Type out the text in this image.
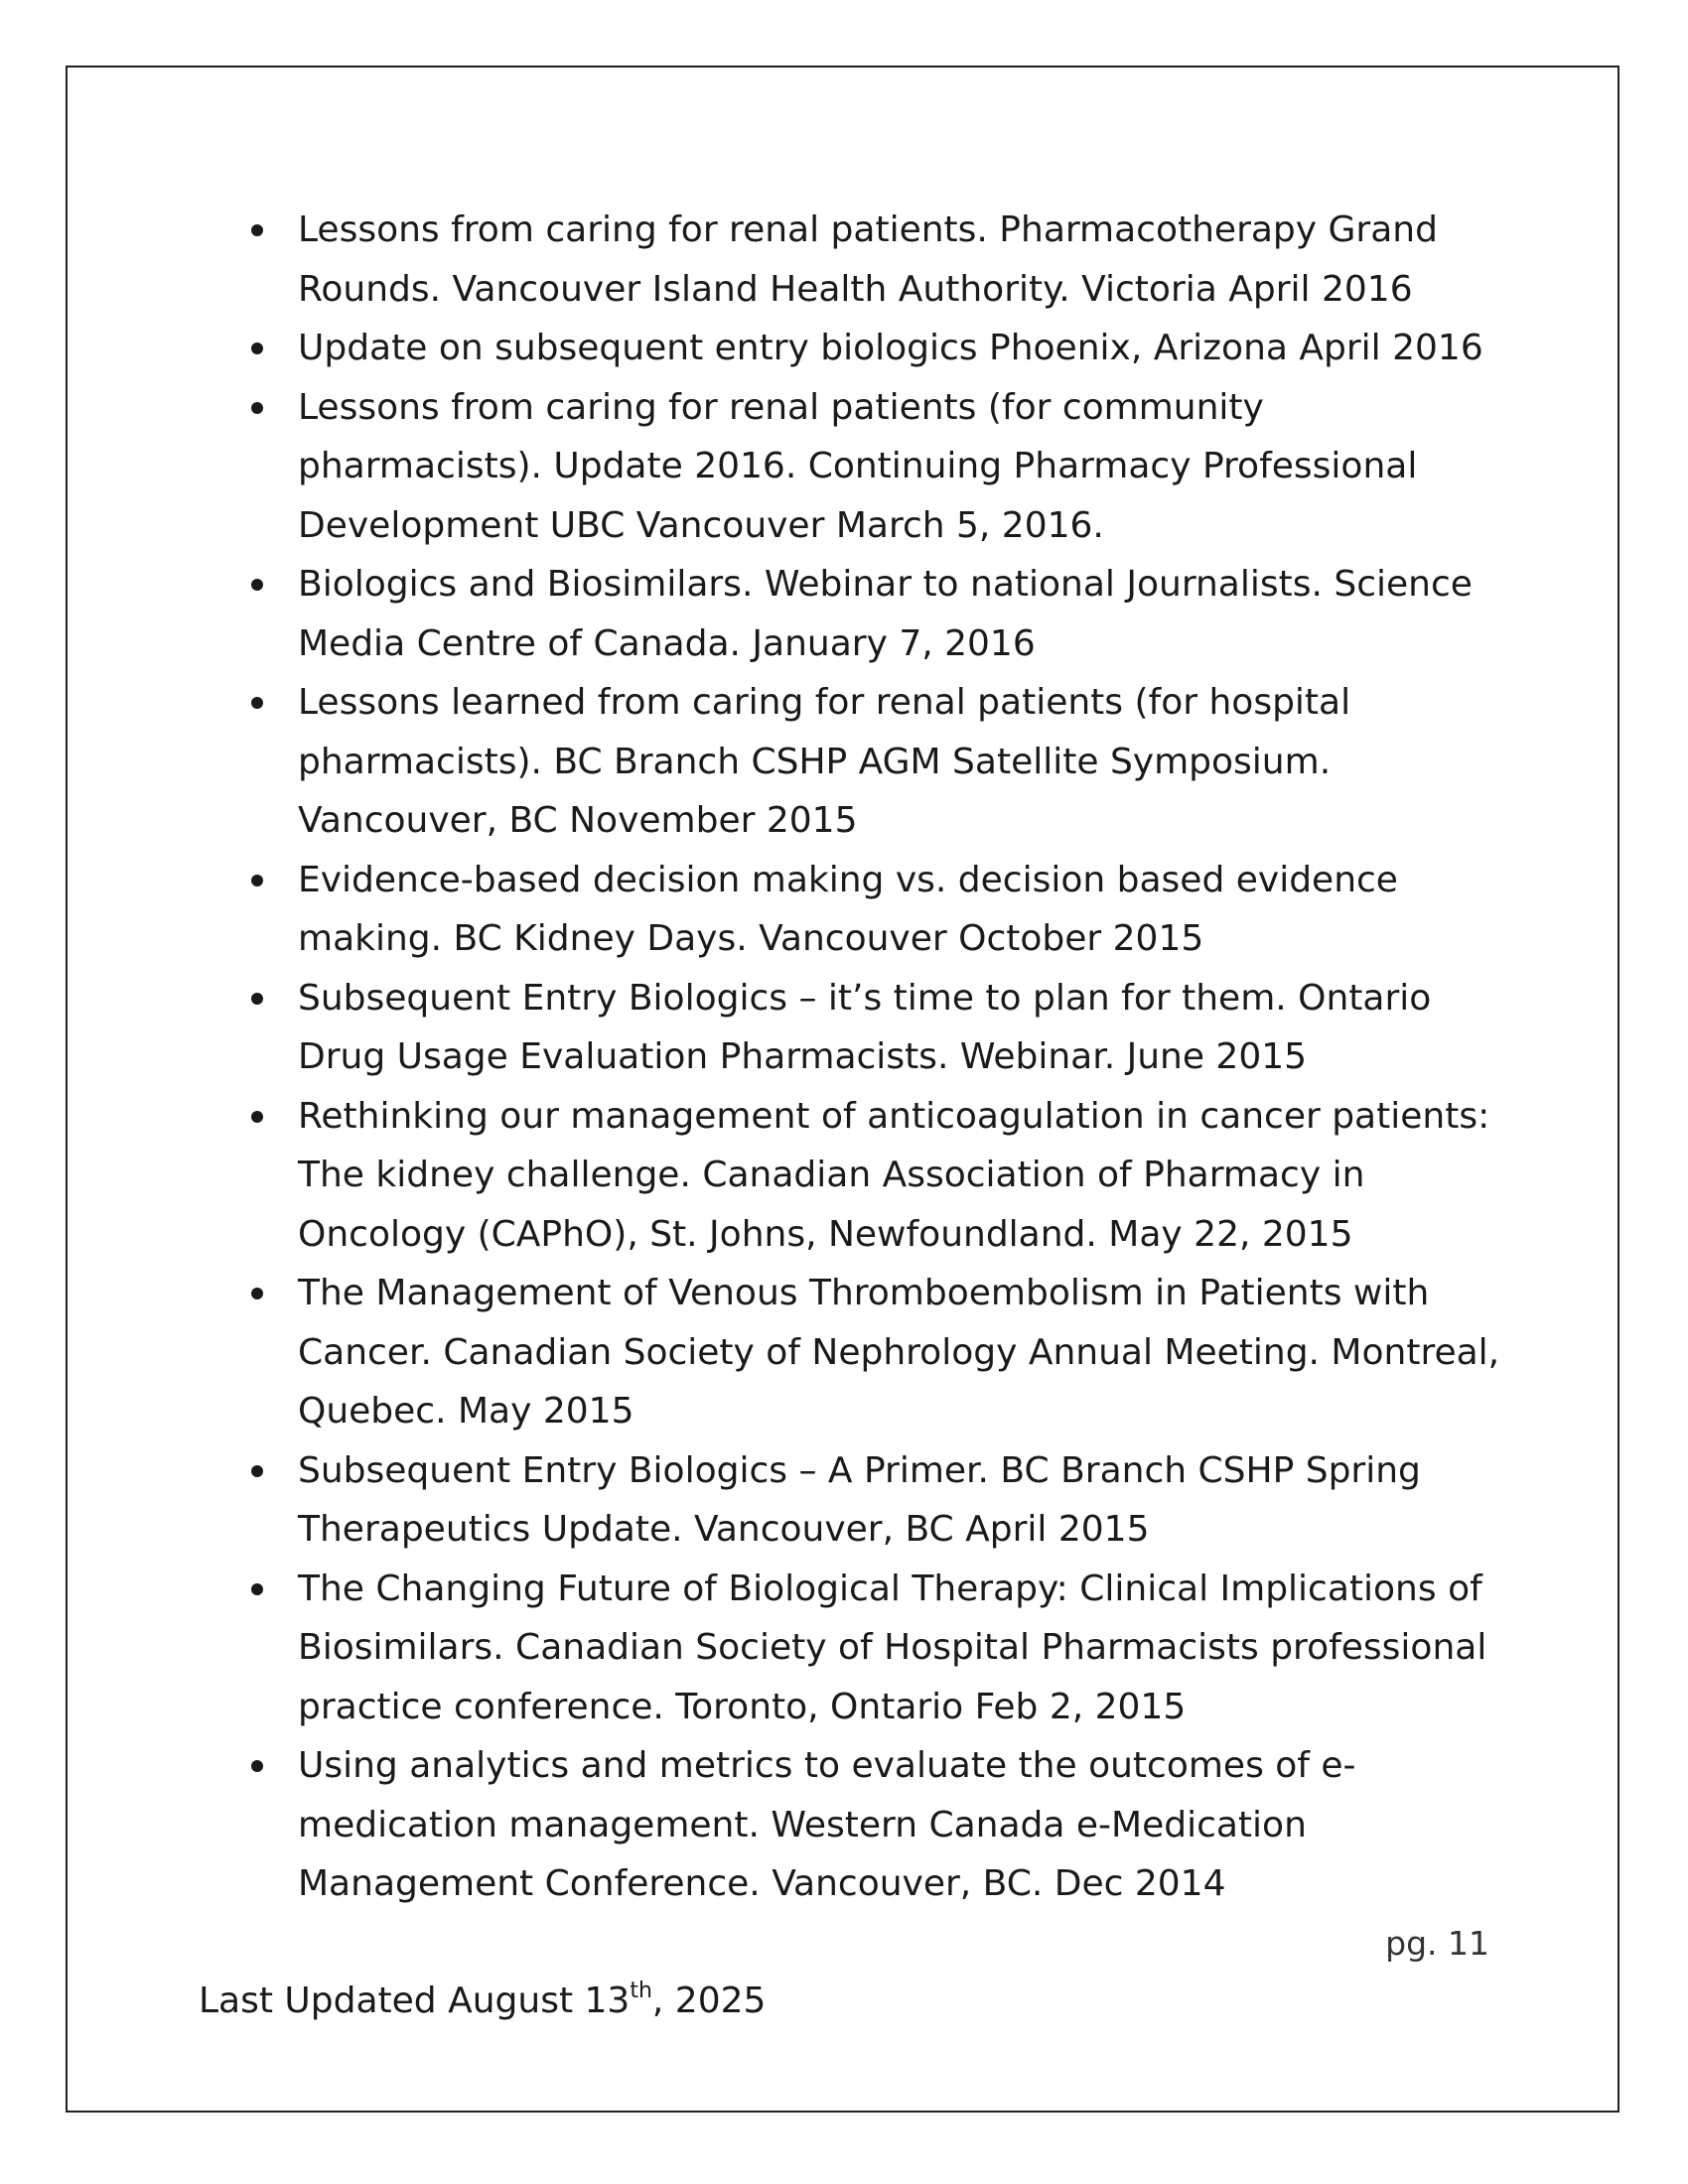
Lessons from caring for renal patients. Pharmacotherapy Grand Rounds. Vancouver Island Health Authority. Victoria April 2016
Update on subsequent entry biologics Phoenix, Arizona April 2016
Lessons from caring for renal patients (for community pharmacists). Update 2016. Continuing Pharmacy Professional Development UBC Vancouver March 5, 2016.
Biologics and Biosimilars. Webinar to national Journalists. Science Media Centre of Canada. January 7, 2016
Lessons learned from caring for renal patients (for hospital pharmacists). BC Branch CSHP AGM Satellite Symposium. Vancouver, BC November 2015
Evidence-based decision making vs. decision based evidence making. BC Kidney Days. Vancouver October 2015
Subsequent Entry Biologics – it’s time to plan for them. Ontario Drug Usage Evaluation Pharmacists. Webinar. June 2015
Rethinking our management of anticoagulation in cancer patients: The kidney challenge. Canadian Association of Pharmacy in Oncology (CAPhO), St. Johns, Newfoundland. May 22, 2015
The Management of Venous Thromboembolism in Patients with Cancer. Canadian Society of Nephrology Annual Meeting. Montreal, Quebec. May 2015
Subsequent Entry Biologics – A Primer. BC Branch CSHP Spring Therapeutics Update. Vancouver, BC April 2015
The Changing Future of Biological Therapy: Clinical Implications of Biosimilars. Canadian Society of Hospital Pharmacists professional practice conference. Toronto, Ontario Feb 2, 2015
Using analytics and metrics to evaluate the outcomes of e-medication management. Western Canada e-Medication Management Conference. Vancouver, BC. Dec 2014
pg. 11
Last Updated August 13th, 2025
